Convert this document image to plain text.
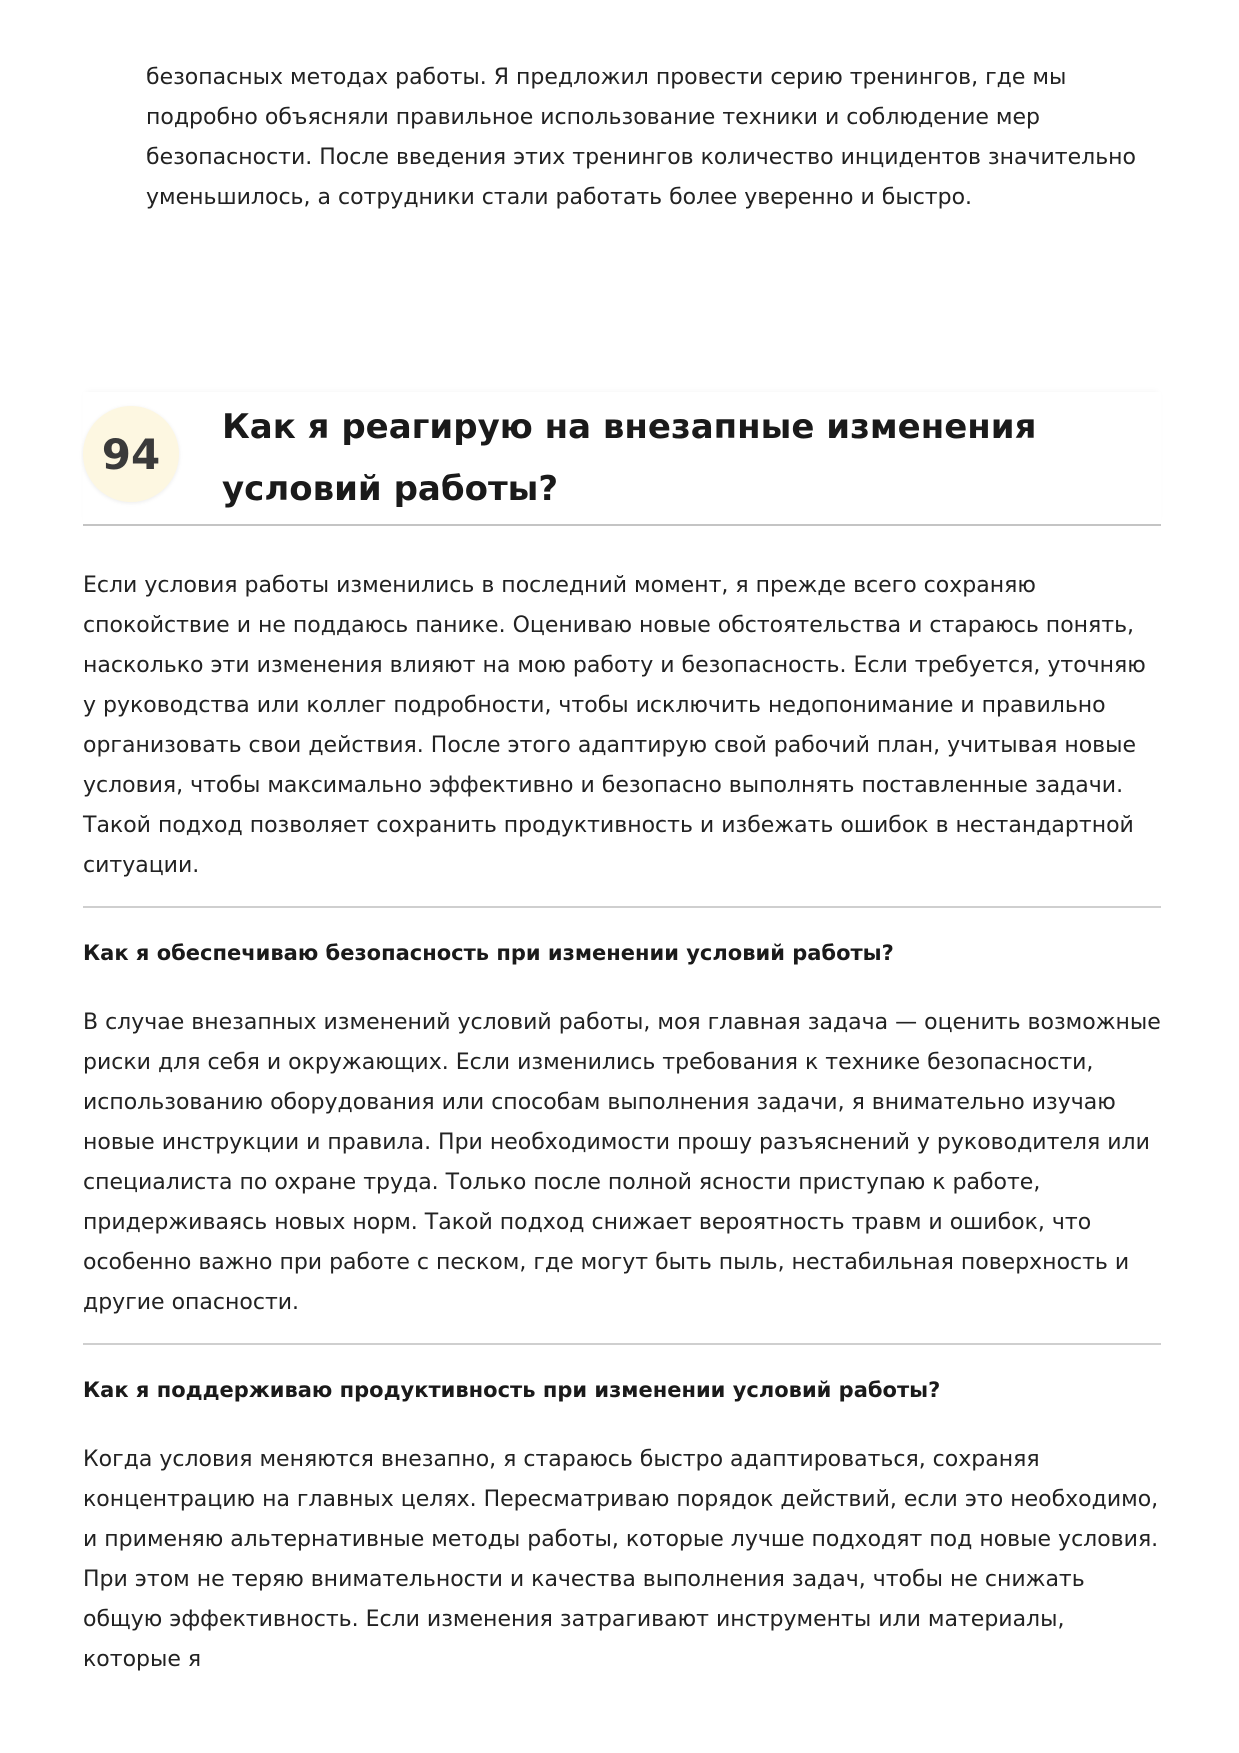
безопасных методах работы. Я предложил провести серию тренингов, где мы подробно объясняли правильное использование техники и соблюдение мер безопасности. После введения этих тренингов количество инцидентов значительно уменьшилось, а сотрудники стали работать более уверенно и быстро.

94
Как я реагирую на внезапные изменения условий работы?

Если условия работы изменились в последний момент, я прежде всего сохраняю спокойствие и не поддаюсь панике. Оцениваю новые обстоятельства и стараюсь понять, насколько эти изменения влияют на мою работу и безопасность. Если требуется, уточняю у руководства или коллег подробности, чтобы исключить недопонимание и правильно организовать свои действия. После этого адаптирую свой рабочий план, учитывая новые условия, чтобы максимально эффективно и безопасно выполнять поставленные задачи. Такой подход позволяет сохранить продуктивность и избежать ошибок в нестандартной ситуации.

Как я обеспечиваю безопасность при изменении условий работы?

В случае внезапных изменений условий работы, моя главная задача — оценить возможные риски для себя и окружающих. Если изменились требования к технике безопасности, использованию оборудования или способам выполнения задачи, я внимательно изучаю новые инструкции и правила. При необходимости прошу разъяснений у руководителя или специалиста по охране труда. Только после полной ясности приступаю к работе, придерживаясь новых норм. Такой подход снижает вероятность травм и ошибок, что особенно важно при работе с песком, где могут быть пыль, нестабильная поверхность и другие опасности.

Как я поддерживаю продуктивность при изменении условий работы?

Когда условия меняются внезапно, я стараюсь быстро адаптироваться, сохраняя концентрацию на главных целях. Пересматриваю порядок действий, если это необходимо, и применяю альтернативные методы работы, которые лучше подходят под новые условия. При этом не теряю внимательности и качества выполнения задач, чтобы не снижать общую эффективность. Если изменения затрагивают инструменты или материалы, которые я
